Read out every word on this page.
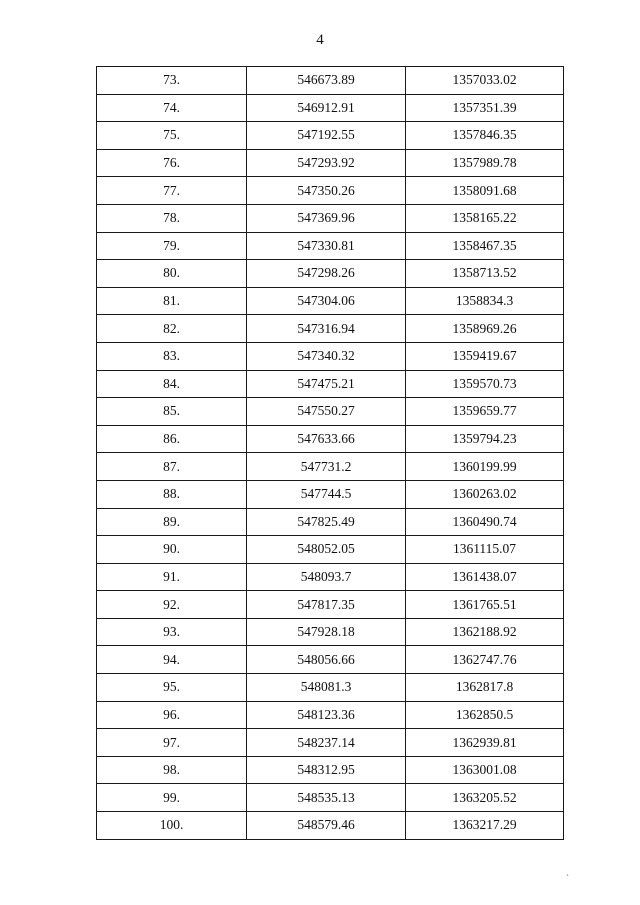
4
73.	546673.89	1357033.02
74.	546912.91	1357351.39
75.	547192.55	1357846.35
76.	547293.92	1357989.78
77.	547350.26	1358091.68
78.	547369.96	1358165.22
79.	547330.81	1358467.35
80.	547298.26	1358713.52
81.	547304.06	1358834.3
82.	547316.94	1358969.26
83.	547340.32	1359419.67
84.	547475.21	1359570.73
85.	547550.27	1359659.77
86.	547633.66	1359794.23
87.	547731.2	1360199.99
88.	547744.5	1360263.02
89.	547825.49	1360490.74
90.	548052.05	1361115.07
91.	548093.7	1361438.07
92.	547817.35	1361765.51
93.	547928.18	1362188.92
94.	548056.66	1362747.76
95.	548081.3	1362817.8
96.	548123.36	1362850.5
97.	548237.14	1362939.81
98.	548312.95	1363001.08
99.	548535.13	1363205.52
100.	548579.46	1363217.29
ˎ
